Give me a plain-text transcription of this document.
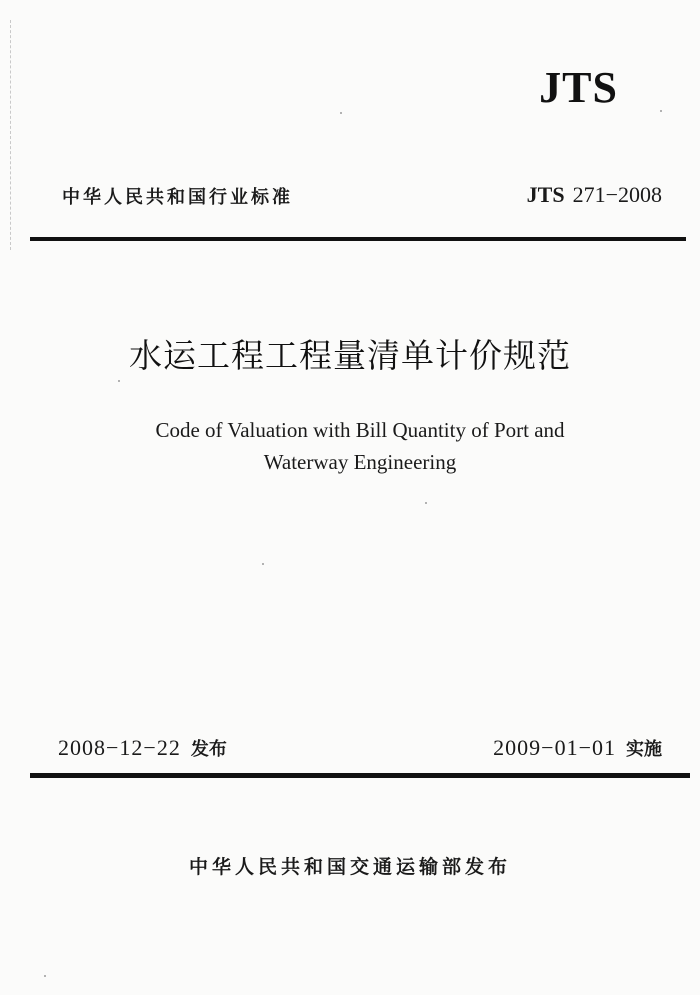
JTS
中华人民共和国行业标准	JTS 271−2008
水运工程工程量清单计价规范
Code of Valuation with Bill Quantity of Port and
Waterway Engineering
2008−12−22 发布	2009−01−01 实施
中华人民共和国交通运输部发布
